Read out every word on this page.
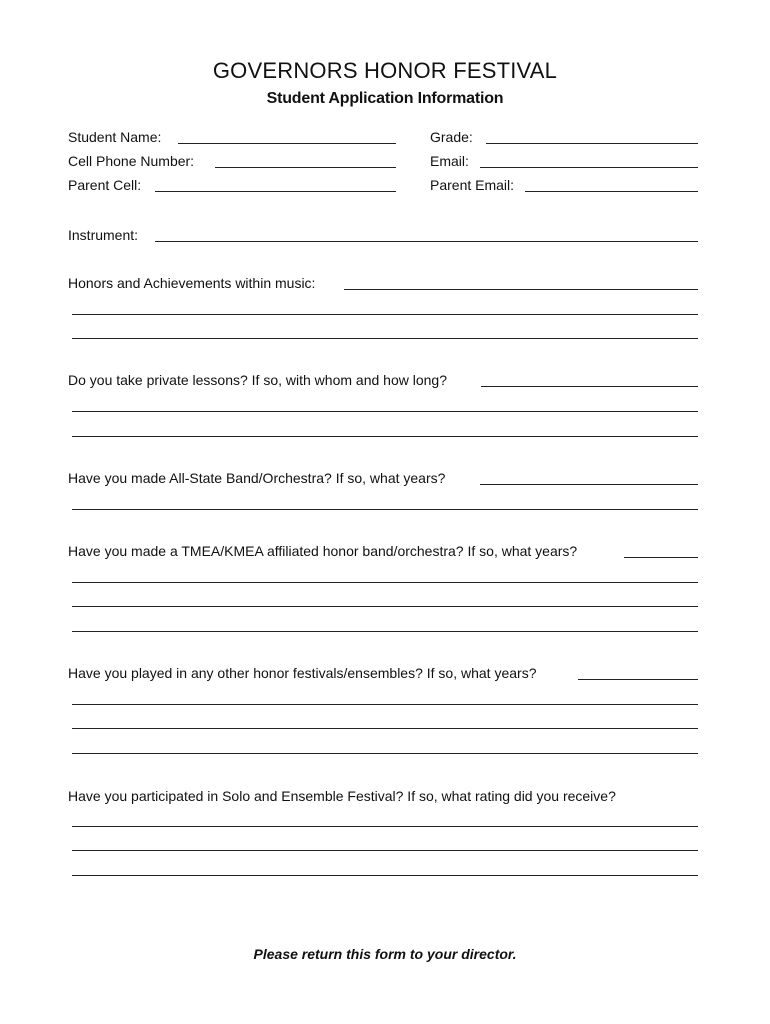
GOVERNORS HONOR FESTIVAL
Student Application Information
Student Name:	Grade:
Cell Phone Number:	Email:
Parent Cell:	Parent Email:
Instrument:
Honors and Achievements within music:
Do you take private lessons? If so, with whom and how long?
Have you made All-State Band/Orchestra? If so, what years?
Have you made a TMEA/KMEA affiliated honor band/orchestra? If so, what years?
Have you played in any other honor festivals/ensembles? If so, what years?
Have you participated in Solo and Ensemble Festival? If so, what rating did you receive?
Please return this form to your director.
